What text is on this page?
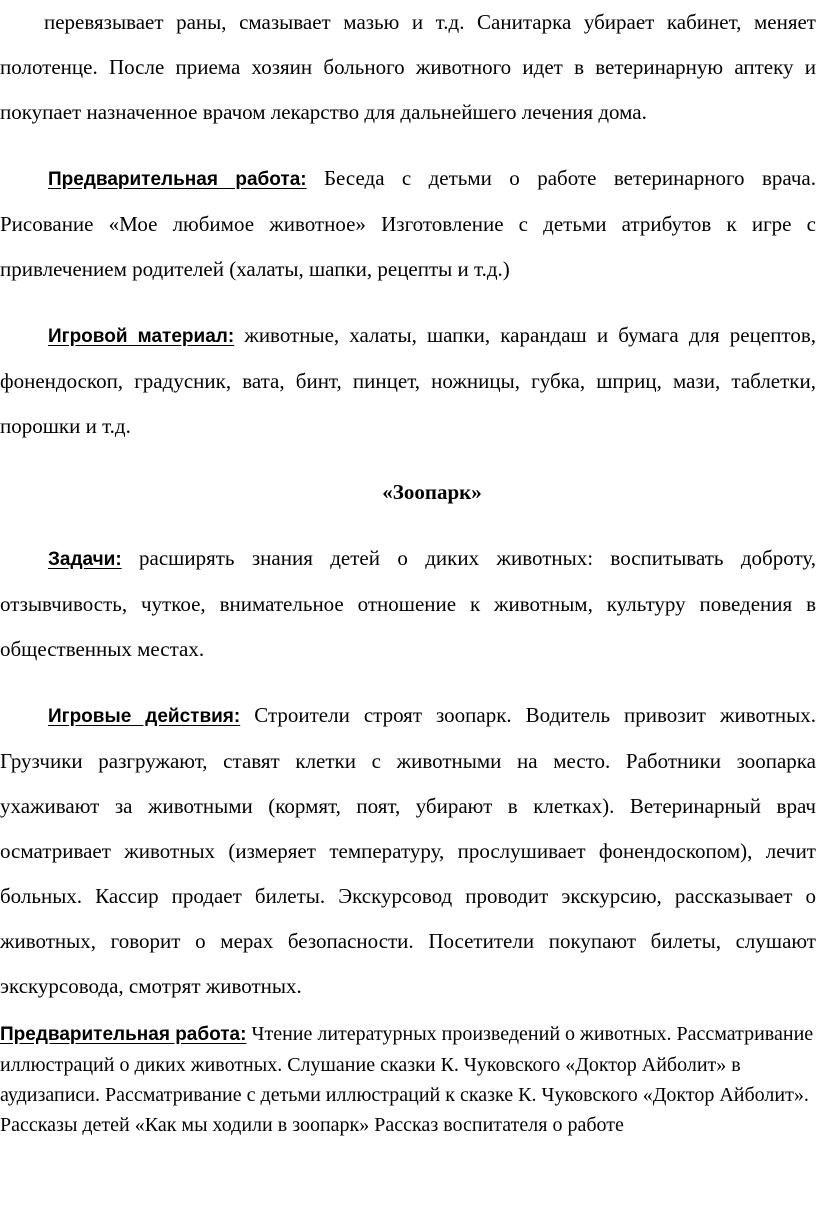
перевязывает раны, смазывает мазью и т.д. Санитарка убирает кабинет, меняет полотенце. После приема хозяин больного животного идет в ветеринарную аптеку и покупает назначенное врачом лекарство для дальнейшего лечения дома.

Предварительная работа: Беседа с детьми о работе ветеринарного врача. Рисование «Мое любимое животное» Изготовление с детьми атрибутов к игре с привлечением родителей (халаты, шапки, рецепты и т.д.)

Игровой материал: животные, халаты, шапки, карандаш и бумага для рецептов, фонендоскоп, градусник, вата, бинт, пинцет, ножницы, губка, шприц, мази, таблетки, порошки и т.д.

«Зоопарк»

Задачи: расширять знания детей о диких животных: воспитывать доброту, отзывчивость, чуткое, внимательное отношение к животным, культуру поведения в общественных местах.

Игровые действия: Строители строят зоопарк. Водитель привозит животных. Грузчики разгружают, ставят клетки с животными на место. Работники зоопарка ухаживают за животными (кормят, поят, убирают в клетках). Ветеринарный врач осматривает животных (измеряет температуру, прослушивает фонендоскопом), лечит больных. Кассир продает билеты. Экскурсовод проводит экскурсию, рассказывает о животных, говорит о мерах безопасности. Посетители покупают билеты, слушают экскурсовода, смотрят животных.

Предварительная работа: Чтение литературных произведений о животных. Рассматривание иллюстраций о диких животных. Слушание сказки К. Чуковского «Доктор Айболит» в аудизаписи. Рассматривание с детьми иллюстраций к сказке К. Чуковского «Доктор Айболит». Рассказы детей «Как мы ходили в зоопарк» Рассказ воспитателя о работе
